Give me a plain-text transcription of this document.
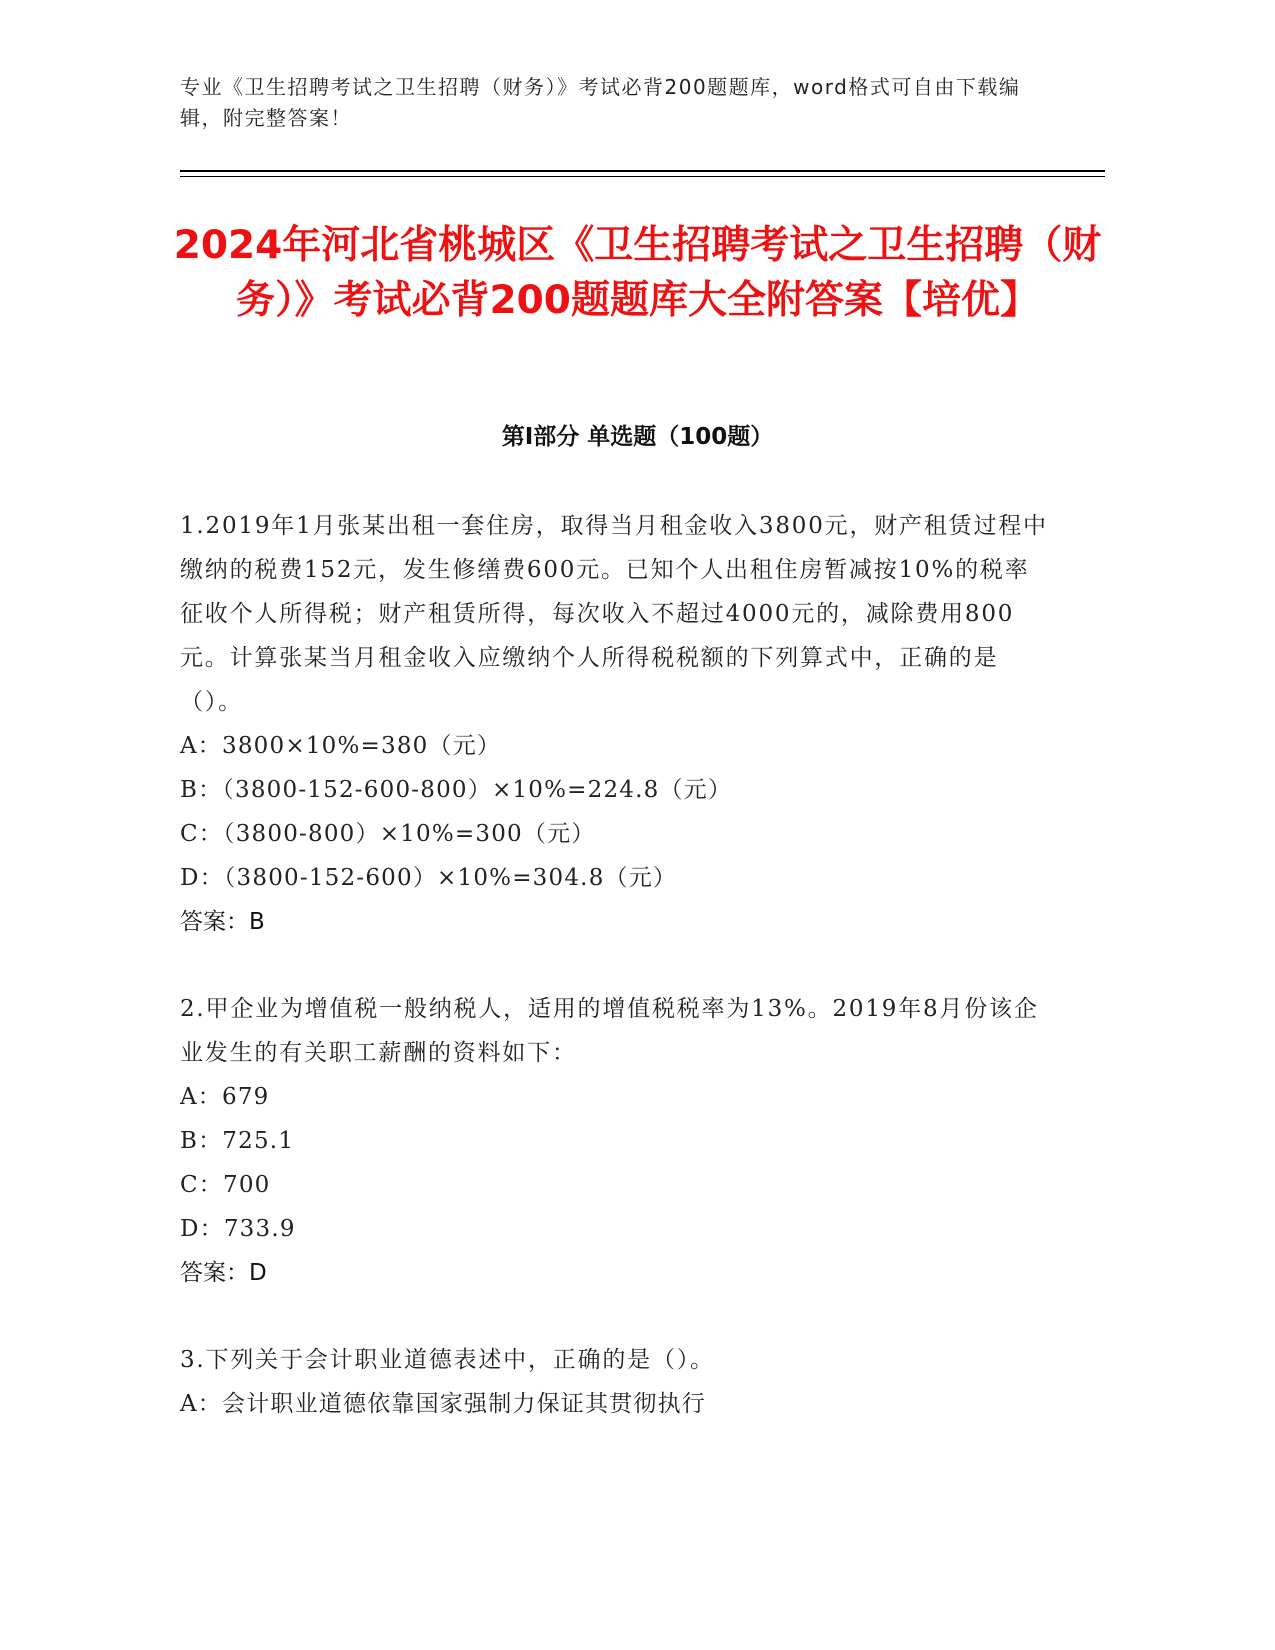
专业《卫生招聘考试之卫生招聘（财务）》考试必背200题题库，word格式可自由下载编辑，附完整答案！
2024年河北省桃城区《卫生招聘考试之卫生招聘（财务）》考试必背200题题库大全附答案【培优】
第I部分 单选题（100题）
1.2019年1月张某出租一套住房，取得当月租金收入3800元，财产租赁过程中缴纳的税费152元，发生修缮费600元。已知个人出租住房暂减按10%的税率征收个人所得税；财产租赁所得，每次收入不超过4000元的，减除费用800元。计算张某当月租金收入应缴纳个人所得税税额的下列算式中，正确的是（）。
A：3800×10%=380（元）
B：（3800-152-600-800）×10%=224.8（元）
C：（3800-800）×10%=300（元）
D：（3800-152-600）×10%=304.8（元）
答案：B
2.甲企业为增值税一般纳税人，适用的增值税税率为13%。2019年8月份该企业发生的有关职工薪酬的资料如下：
A：679
B：725.1
C：700
D：733.9
答案：D
3.下列关于会计职业道德表述中，正确的是（）。
A：会计职业道德依靠国家强制力保证其贯彻执行
